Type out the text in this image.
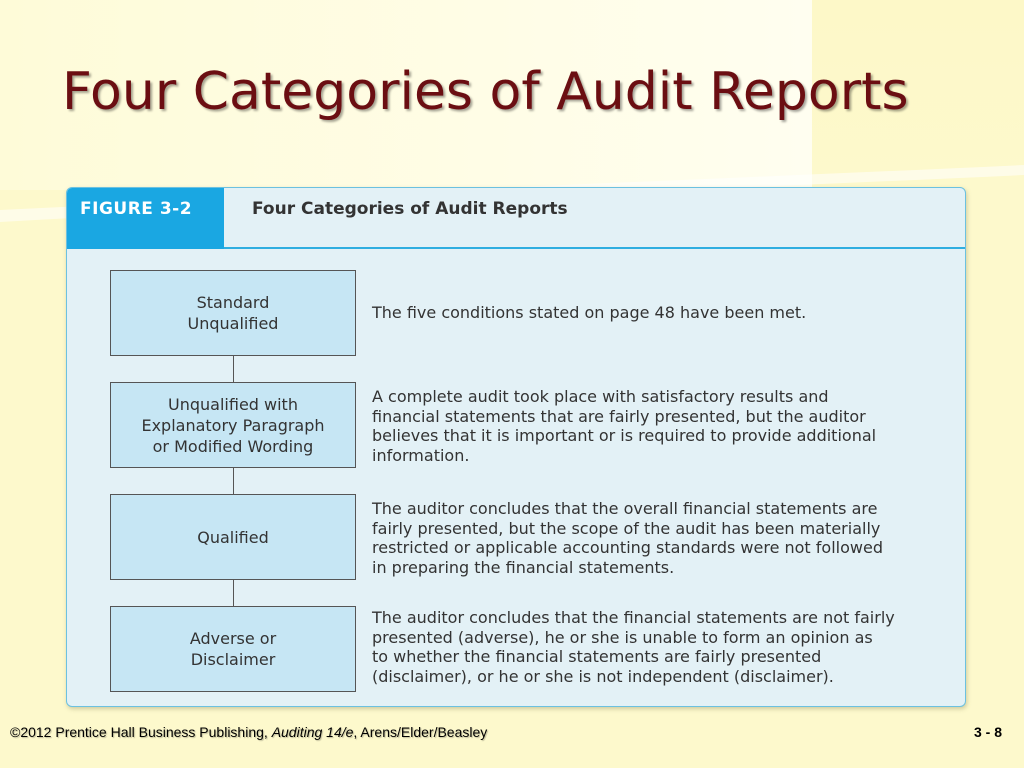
Four Categories of Audit Reports
FIGURE 3-2	Four Categories of Audit Reports
Standard
Unqualified
Unqualified with
Explanatory Paragraph
or Modified Wording
Qualified
Adverse or
Disclaimer
The five conditions stated on page 48 have been met.
A complete audit took place with satisfactory results and
financial statements that are fairly presented, but the auditor
believes that it is important or is required to provide additional
information.
The auditor concludes that the overall financial statements are
fairly presented, but the scope of the audit has been materially
restricted or applicable accounting standards were not followed
in preparing the financial statements.
The auditor concludes that the financial statements are not fairly
presented (adverse), he or she is unable to form an opinion as
to whether the financial statements are fairly presented
(disclaimer), or he or she is not independent (disclaimer).
©2012 Prentice Hall Business Publishing, Auditing 14/e, Arens/Elder/Beasley	3 - 8
